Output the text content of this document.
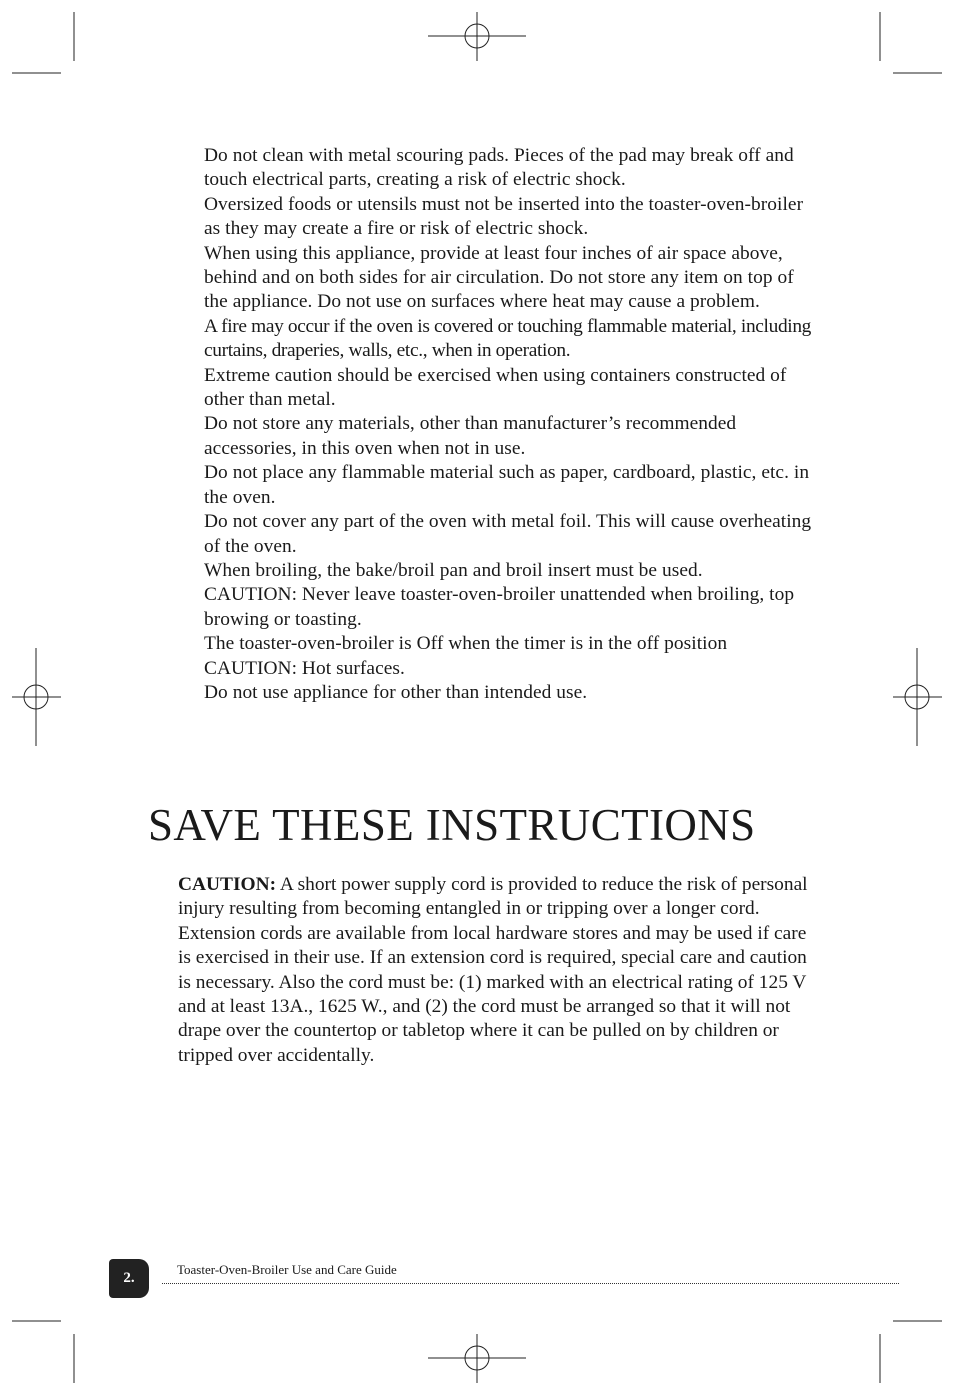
Do not clean with metal scouring pads. Pieces of the pad may break off and touch electrical parts, creating a risk of electric shock.

Oversized foods or utensils must not be inserted into the toaster-oven-broiler as they may create a fire or risk of electric shock.

When using this appliance, provide at least four inches of air space above, behind and on both sides for air circulation. Do not store any item on top of the appliance. Do not use on surfaces where heat may cause a problem.

A fire may occur if the oven is covered or touching flammable material, including curtains, draperies, walls, etc., when in operation.

Extreme caution should be exercised when using containers constructed of other than metal.

Do not store any materials, other than manufacturer’s recommended accessories, in this oven when not in use.

Do not place any flammable material such as paper, cardboard, plastic, etc. in the oven.

Do not cover any part of the oven with metal foil. This will cause overheating of the oven.

When broiling, the bake/broil pan and broil insert must be used.

CAUTION: Never leave toaster-oven-broiler unattended when broiling, top browing or toasting.

The toaster-oven-broiler is Off when the timer is in the off position

CAUTION: Hot surfaces.

Do not use appliance for other than intended use.

SAVE THESE INSTRUCTIONS

CAUTION: A short power supply cord is provided to reduce the risk of personal injury resulting from becoming entangled in or tripping over a longer cord. Extension cords are available from local hardware stores and may be used if care is exercised in their use. If an extension cord is required, special care and caution is necessary. Also the cord must be: (1) marked with an electrical rating of 125 V and at least 13A., 1625 W., and (2) the cord must be arranged so that it will not drape over the countertop or tabletop where it can be pulled on by children or tripped over accidentally.

2.
Toaster-Oven-Broiler Use and Care Guide
